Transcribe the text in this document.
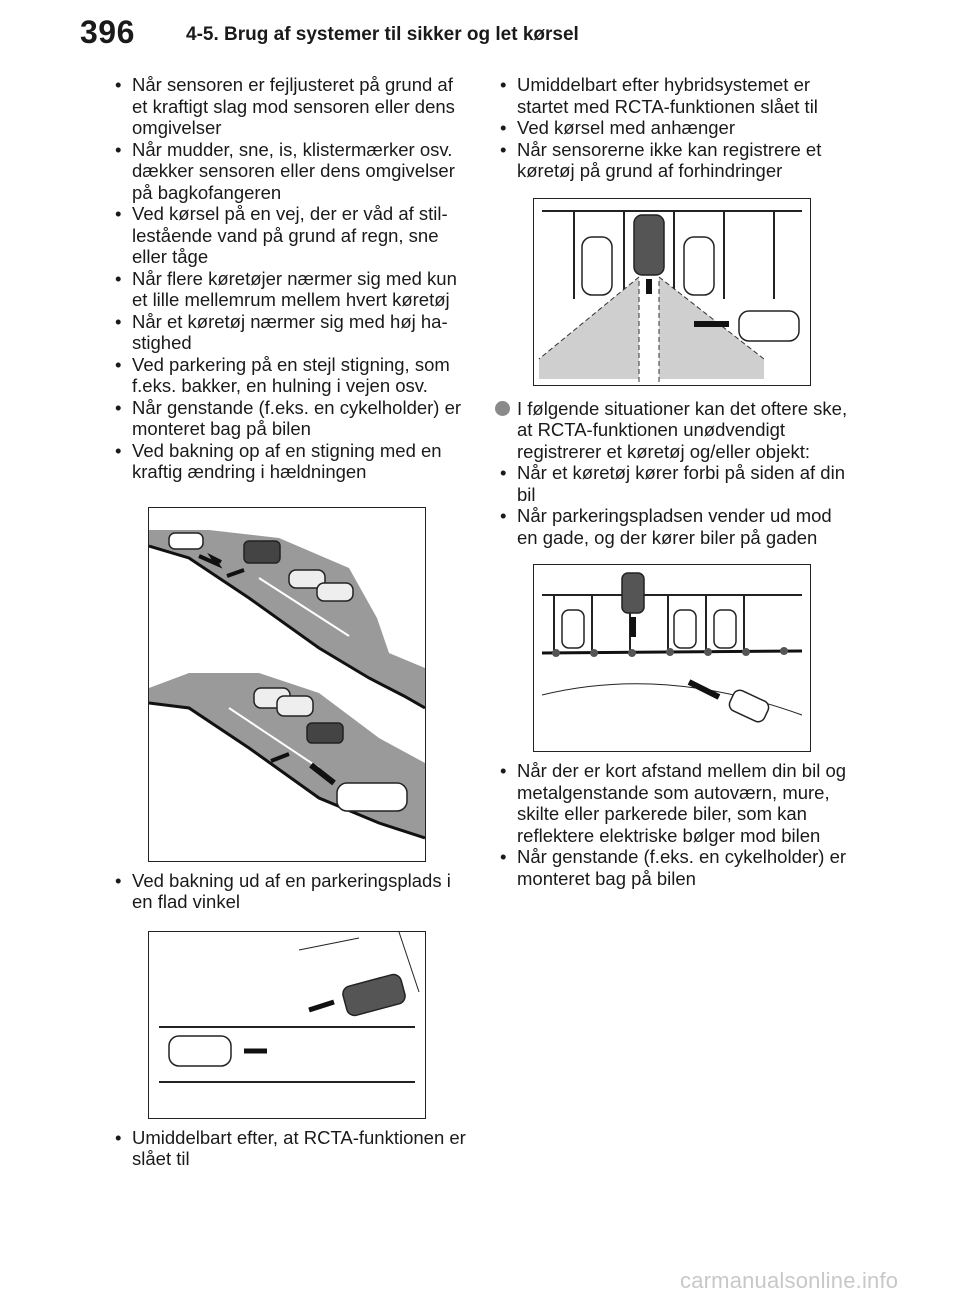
396	4-5. Brug af systemer til sikker og let kørsel
• Når sensoren er fejljusteret på grund af et kraftigt slag mod sensoren eller dens omgivelser
• Når mudder, sne, is, klistermærker osv. dækker sensoren eller dens omgivelser på bagkofangeren
• Ved kørsel på en vej, der er våd af stillestående vand på grund af regn, sne eller tåge
• Når flere køretøjer nærmer sig med kun et lille mellemrum mellem hvert køretøj
• Når et køretøj nærmer sig med høj hastighed
• Ved parkering på en stejl stigning, som f.eks. bakker, en hulning i vejen osv.
• Når genstande (f.eks. en cykelholder) er monteret bag på bilen
• Ved bakning op af en stigning med en kraftig ændring i hældningen
• Ved bakning ud af en parkeringsplads i en flad vinkel
• Umiddelbart efter, at RCTA-funktionen er slået til
• Umiddelbart efter hybridsystemet er startet med RCTA-funktionen slået til
• Ved kørsel med anhænger
• Når sensorerne ikke kan registrere et køretøj på grund af forhindringer
I følgende situationer kan det oftere ske, at RCTA-funktionen unødvendigt registrerer et køretøj og/eller objekt:
• Når et køretøj kører forbi på siden af din bil
• Når parkeringspladsen vender ud mod en gade, og der kører biler på gaden
• Når der er kort afstand mellem din bil og metalgenstande som autoværn, mure, skilte eller parkerede biler, som kan reflektere elektriske bølger mod bilen
• Når genstande (f.eks. en cykelholder) er monteret bag på bilen
carmanualsonline.info
